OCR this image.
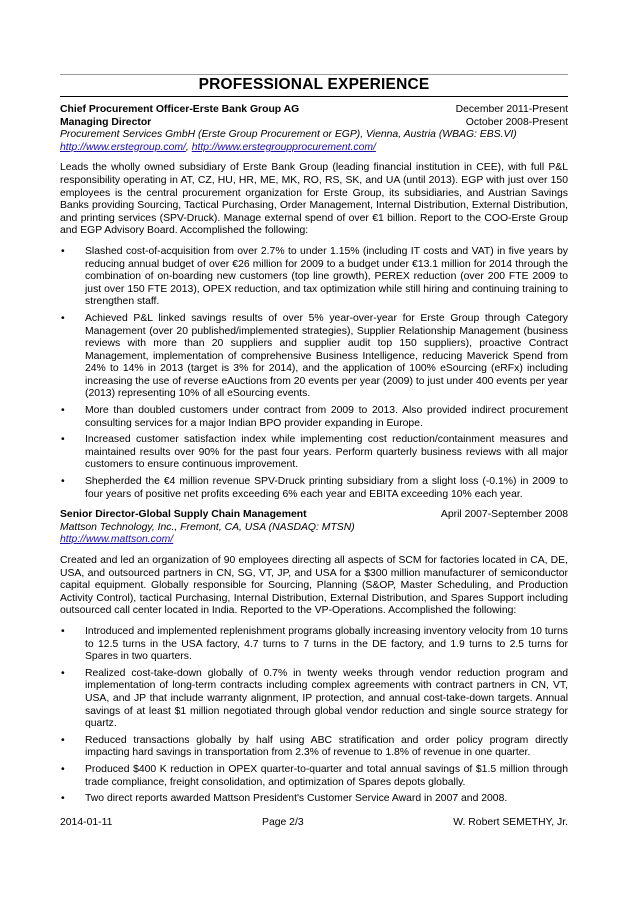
PROFESSIONAL EXPERIENCE
Chief Procurement Officer-Erste Bank Group AG	December 2011-Present
Managing Director	October 2008-Present
Procurement Services GmbH (Erste Group Procurement or EGP), Vienna, Austria (WBAG: EBS.VI)
http://www.erstegroup.com/, http://www.erstegroupprocurement.com/

Leads the wholly owned subsidiary of Erste Bank Group (leading financial institution in CEE), with full P&L responsibility operating in AT, CZ, HU, HR, ME, MK, RO, RS, SK, and UA (until 2013). EGP with just over 150 employees is the central procurement organization for Erste Group, its subsidiaries, and Austrian Savings Banks providing Sourcing, Tactical Purchasing, Order Management, Internal Distribution, External Distribution, and printing services (SPV-Druck). Manage external spend of over €1 billion. Report to the COO-Erste Group and EGP Advisory Board. Accomplished the following:

• Slashed cost-of-acquisition from over 2.7% to under 1.15% (including IT costs and VAT) in five years by reducing annual budget of over €26 million for 2009 to a budget under €13.1 million for 2014 through the combination of on-boarding new customers (top line growth), PEREX reduction (over 200 FTE 2009 to just over 150 FTE 2013), OPEX reduction, and tax optimization while still hiring and continuing training to strengthen staff.
• Achieved P&L linked savings results of over 5% year-over-year for Erste Group through Category Management (over 20 published/implemented strategies), Supplier Relationship Management (business reviews with more than 20 suppliers and supplier audit top 150 suppliers), proactive Contract Management, implementation of comprehensive Business Intelligence, reducing Maverick Spend from 24% to 14% in 2013 (target is 3% for 2014), and the application of 100% eSourcing (eRFx) including increasing the use of reverse eAuctions from 20 events per year (2009) to just under 400 events per year (2013) representing 10% of all eSourcing events.
• More than doubled customers under contract from 2009 to 2013. Also provided indirect procurement consulting services for a major Indian BPO provider expanding in Europe.
• Increased customer satisfaction index while implementing cost reduction/containment measures and maintained results over 90% for the past four years. Perform quarterly business reviews with all major customers to ensure continuous improvement.
• Shepherded the €4 million revenue SPV-Druck printing subsidiary from a slight loss (-0.1%) in 2009 to four years of positive net profits exceeding 6% each year and EBITA exceeding 10% each year.
Senior Director-Global Supply Chain Management	April 2007-September 2008
Mattson Technology, Inc., Fremont, CA, USA (NASDAQ: MTSN)
http://www.mattson.com/

Created and led an organization of 90 employees directing all aspects of SCM for factories located in CA, DE, USA, and outsourced partners in CN, SG, VT, JP, and USA for a $300 million manufacturer of semiconductor capital equipment. Globally responsible for Sourcing, Planning (S&OP, Master Scheduling, and Production Activity Control), tactical Purchasing, Internal Distribution, External Distribution, and Spares Support including outsourced call center located in India. Reported to the VP-Operations. Accomplished the following:

• Introduced and implemented replenishment programs globally increasing inventory velocity from 10 turns to 12.5 turns in the USA factory, 4.7 turns to 7 turns in the DE factory, and 1.9 turns to 2.5 turns for Spares in two quarters.
• Realized cost-take-down globally of 0.7% in twenty weeks through vendor reduction program and implementation of long-term contracts including complex agreements with contract partners in CN, VT, USA, and JP that include warranty alignment, IP protection, and annual cost-take-down targets. Annual savings of at least $1 million negotiated through global vendor reduction and single source strategy for quartz.
• Reduced transactions globally by half using ABC stratification and order policy program directly impacting hard savings in transportation from 2.3% of revenue to 1.8% of revenue in one quarter.
• Produced $400 K reduction in OPEX quarter-to-quarter and total annual savings of $1.5 million through trade compliance, freight consolidation, and optimization of Spares depots globally.
• Two direct reports awarded Mattson President's Customer Service Award in 2007 and 2008.
2014-01-11	Page 2/3	W. Robert SEMETHY, Jr.
